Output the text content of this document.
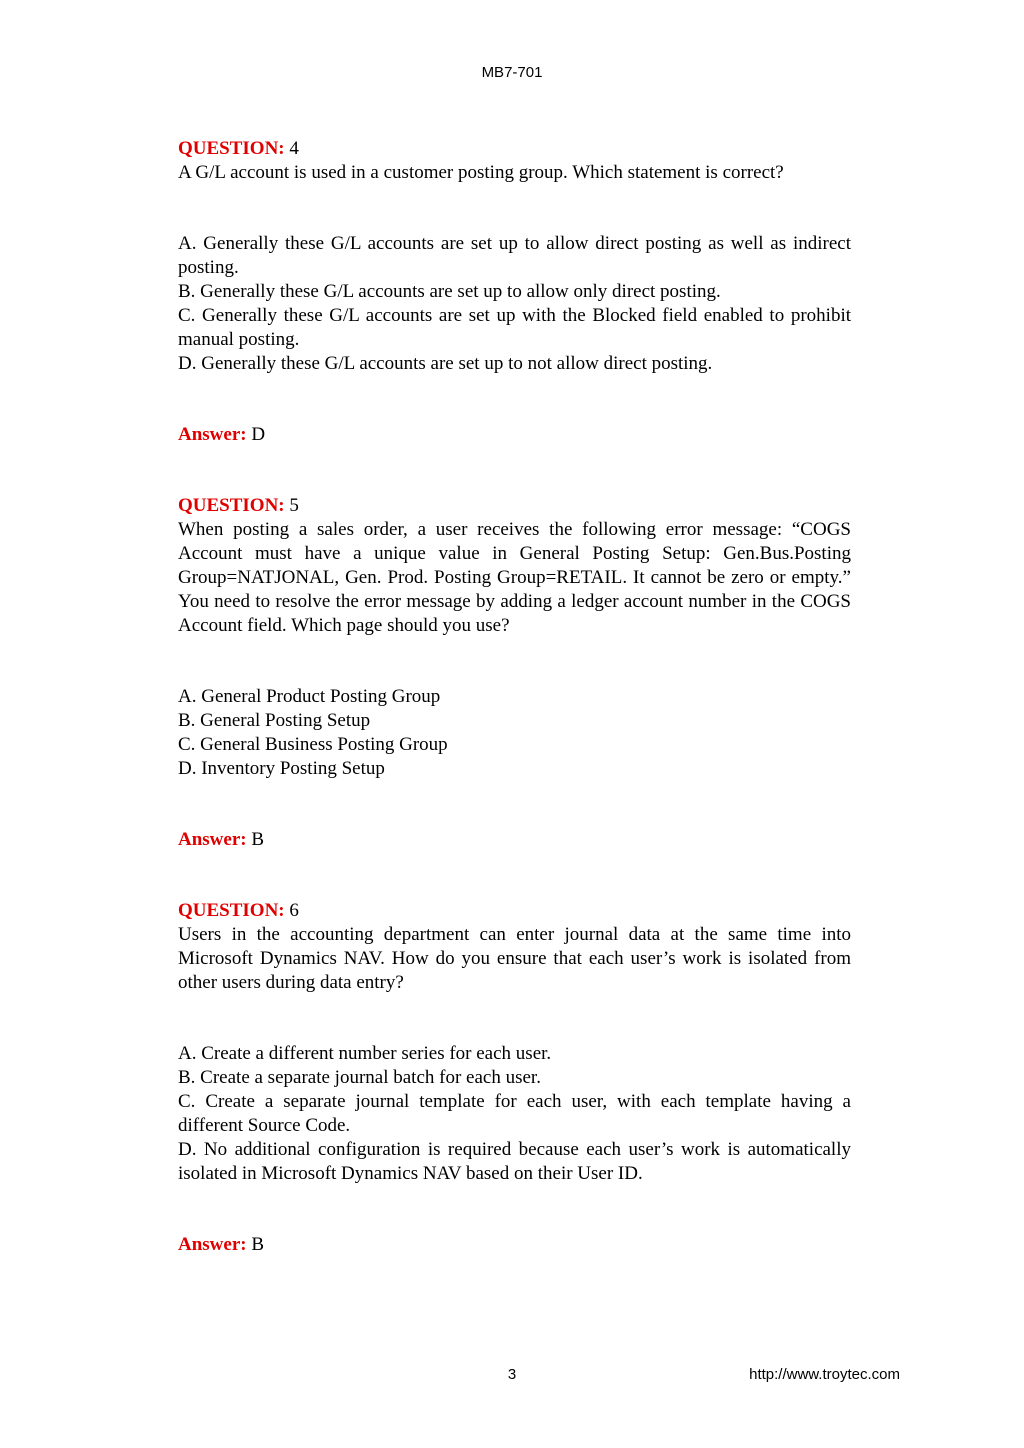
MB7-701

QUESTION: 4

A G/L account is used in a customer posting group. Which statement is correct?

A. Generally these G/L accounts are set up to allow direct posting as well as indirect posting.

B. Generally these G/L accounts are set up to allow only direct posting.

C. Generally these G/L accounts are set up with the Blocked field enabled to prohibit manual posting.

D. Generally these G/L accounts are set up to not allow direct posting.

Answer: D

QUESTION: 5

When posting a sales order, a user receives the following error message: “COGS Account must have a unique value in General Posting Setup: Gen.Bus.Posting Group=NATJONAL, Gen. Prod. Posting Group=RETAIL. It cannot be zero or empty.” You need to resolve the error message by adding a ledger account number in the COGS Account field. Which page should you use?

A. General Product Posting Group

B. General Posting Setup

C. General Business Posting Group

D. Inventory Posting Setup

Answer: B

QUESTION: 6

Users in the accounting department can enter journal data at the same time into Microsoft Dynamics NAV. How do you ensure that each user’s work is isolated from other users during data entry?

A. Create a different number series for each user.

B. Create a separate journal batch for each user.

C. Create a separate journal template for each user, with each template having a different Source Code.

D. No additional configuration is required because each user’s work is automatically isolated in Microsoft Dynamics NAV based on their User ID.

Answer: B

3	http://www.troytec.com
